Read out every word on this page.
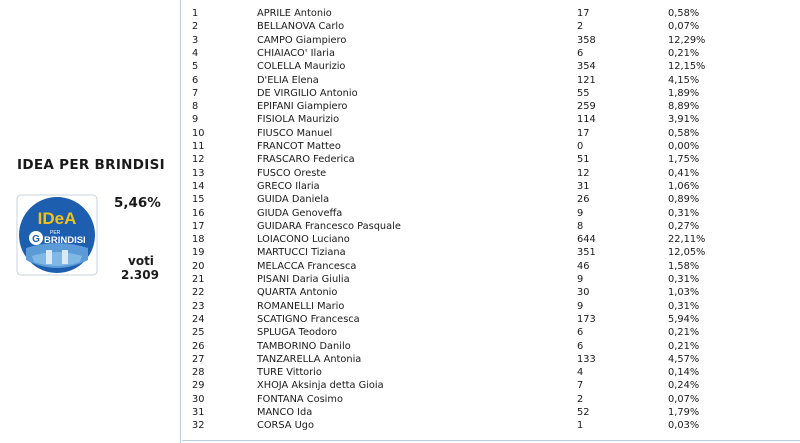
IDEA PER BRINDISI
IDeA
G
PER
BRINDISI
5,46%
voti
2.309
1	APRILE Antonio	17	0,58%
2	BELLANOVA Carlo	2	0,07%
3	CAMPO Giampiero	358	12,29%
4	CHIAIACO' Ilaria	6	0,21%
5	COLELLA Maurizio	354	12,15%
6	D'ELIA Elena	121	4,15%
7	DE VIRGILIO Antonio	55	1,89%
8	EPIFANI Giampiero	259	8,89%
9	FISIOLA Maurizio	114	3,91%
10	FIUSCO Manuel	17	0,58%
11	FRANCOT Matteo	0	0,00%
12	FRASCARO Federica	51	1,75%
13	FUSCO Oreste	12	0,41%
14	GRECO Ilaria	31	1,06%
15	GUIDA Daniela	26	0,89%
16	GIUDA Genoveffa	9	0,31%
17	GUIDARA Francesco Pasquale	8	0,27%
18	LOIACONO Luciano	644	22,11%
19	MARTUCCI Tiziana	351	12,05%
20	MELACCA Francesca	46	1,58%
21	PISANI Daria Giulia	9	0,31%
22	QUARTA Antonio	30	1,03%
23	ROMANELLI Mario	9	0,31%
24	SCATIGNO Francesca	173	5,94%
25	SPLUGA Teodoro	6	0,21%
26	TAMBORINO Danilo	6	0,21%
27	TANZARELLA Antonia	133	4,57%
28	TURE Vittorio	4	0,14%
29	XHOJA Aksinja detta Gioia	7	0,24%
30	FONTANA Cosimo	2	0,07%
31	MANCO Ida	52	1,79%
32	CORSA Ugo	1	0,03%
